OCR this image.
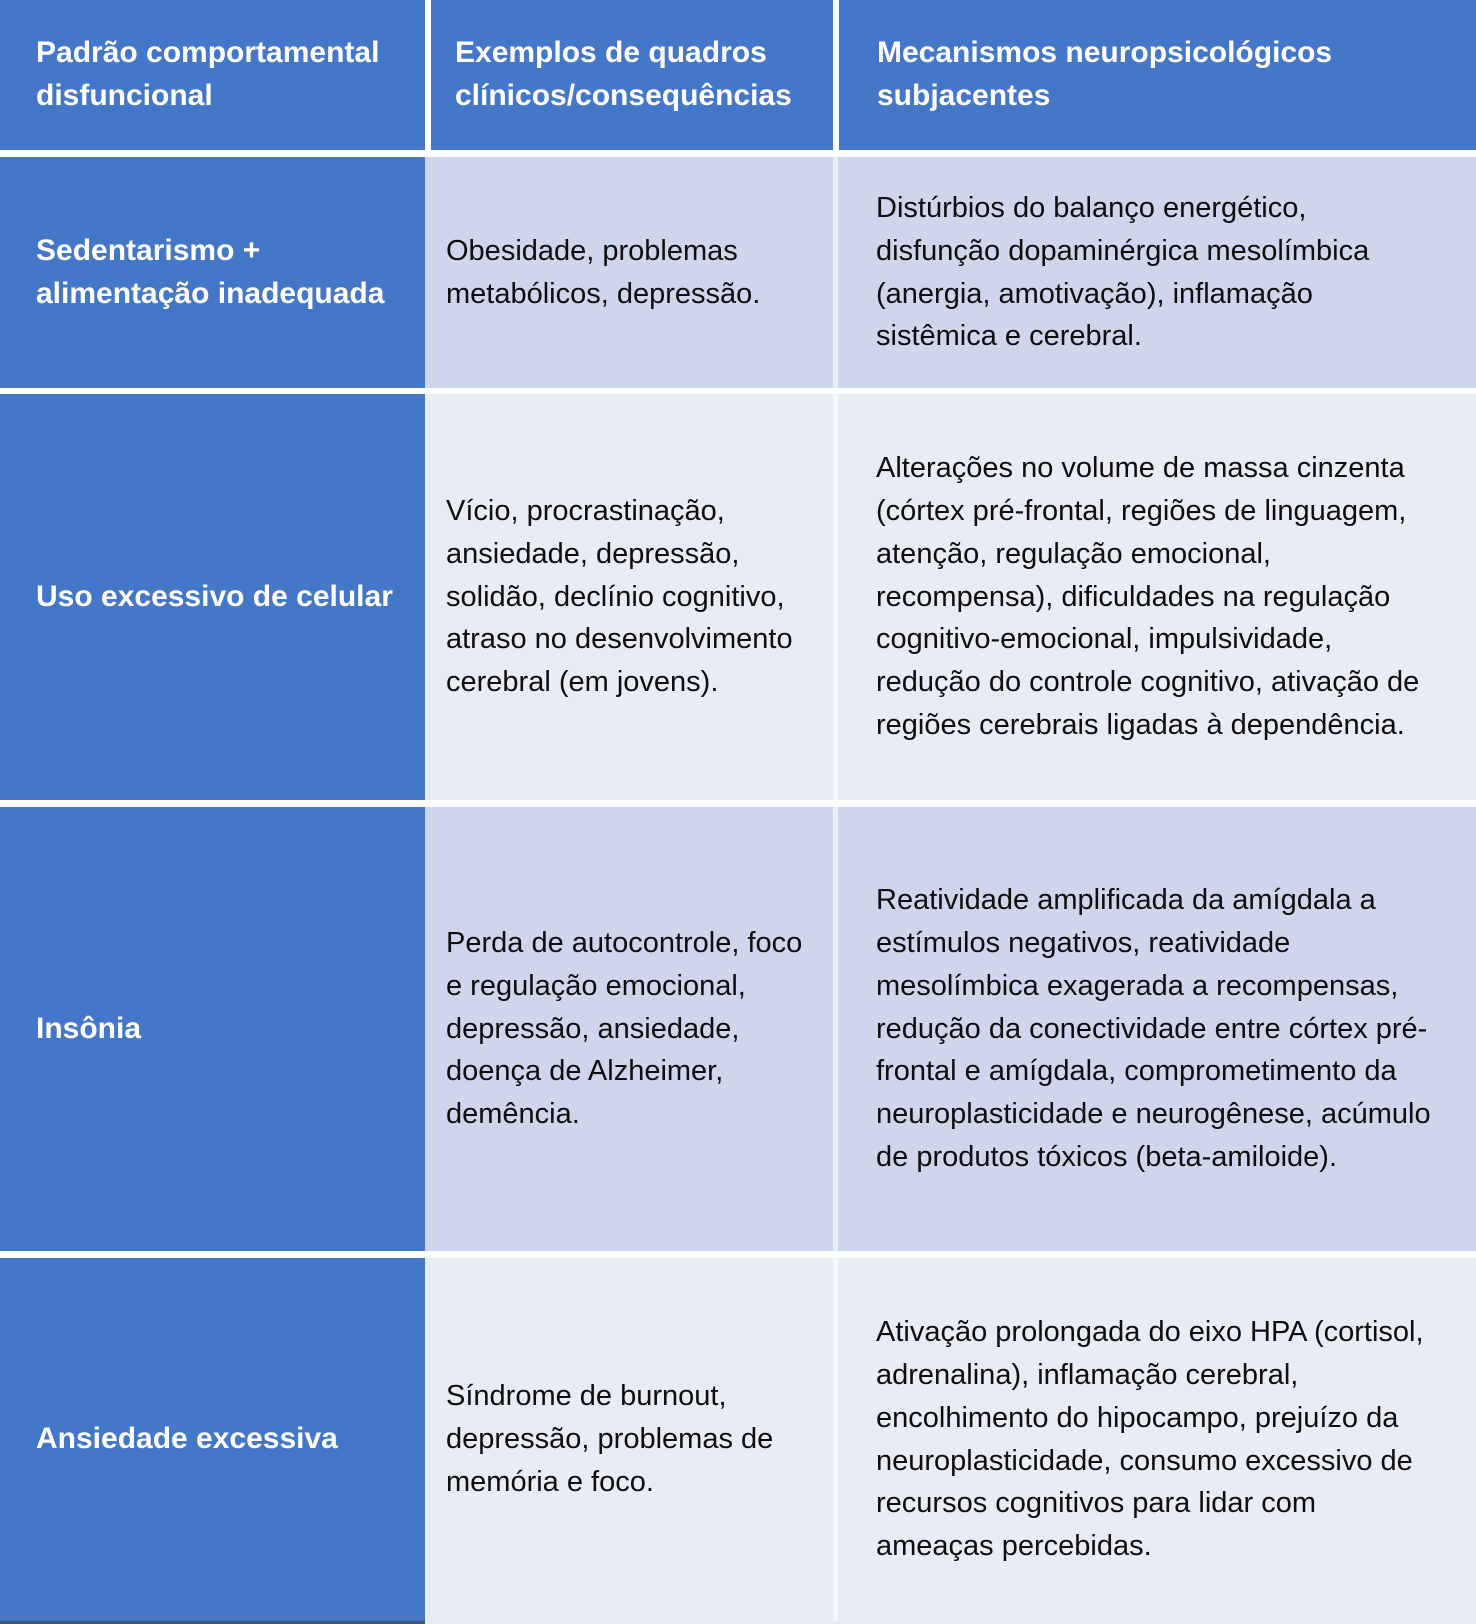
Padrão comportamental disfuncional
Exemplos de quadros clínicos/consequências
Mecanismos neuropsicológicos subjacentes
Sedentarismo + alimentação inadequada
Obesidade, problemas metabólicos, depressão.
Distúrbios do balanço energético, disfunção dopaminérgica mesolímbica (anergia, amotivação), inflamação sistêmica e cerebral.
Uso excessivo de celular
Vício, procrastinação, ansiedade, depressão, solidão, declínio cognitivo, atraso no desenvolvimento cerebral (em jovens).
Alterações no volume de massa cinzenta (córtex pré-frontal, regiões de linguagem, atenção, regulação emocional, recompensa), dificuldades na regulação cognitivo-emocional, impulsividade, redução do controle cognitivo, ativação de regiões cerebrais ligadas à dependência.
Insônia
Perda de autocontrole, foco e regulação emocional, depressão, ansiedade, doença de Alzheimer, demência.
Reatividade amplificada da amígdala a estímulos negativos, reatividade mesolímbica exagerada a recompensas, redução da conectividade entre córtex pré-frontal e amígdala, comprometimento da neuroplasticidade e neurogênese, acúmulo de produtos tóxicos (beta-amiloide).
Ansiedade excessiva
Síndrome de burnout, depressão, problemas de memória e foco.
Ativação prolongada do eixo HPA (cortisol, adrenalina), inflamação cerebral, encolhimento do hipocampo, prejuízo da neuroplasticidade, consumo excessivo de recursos cognitivos para lidar com ameaças percebidas.
